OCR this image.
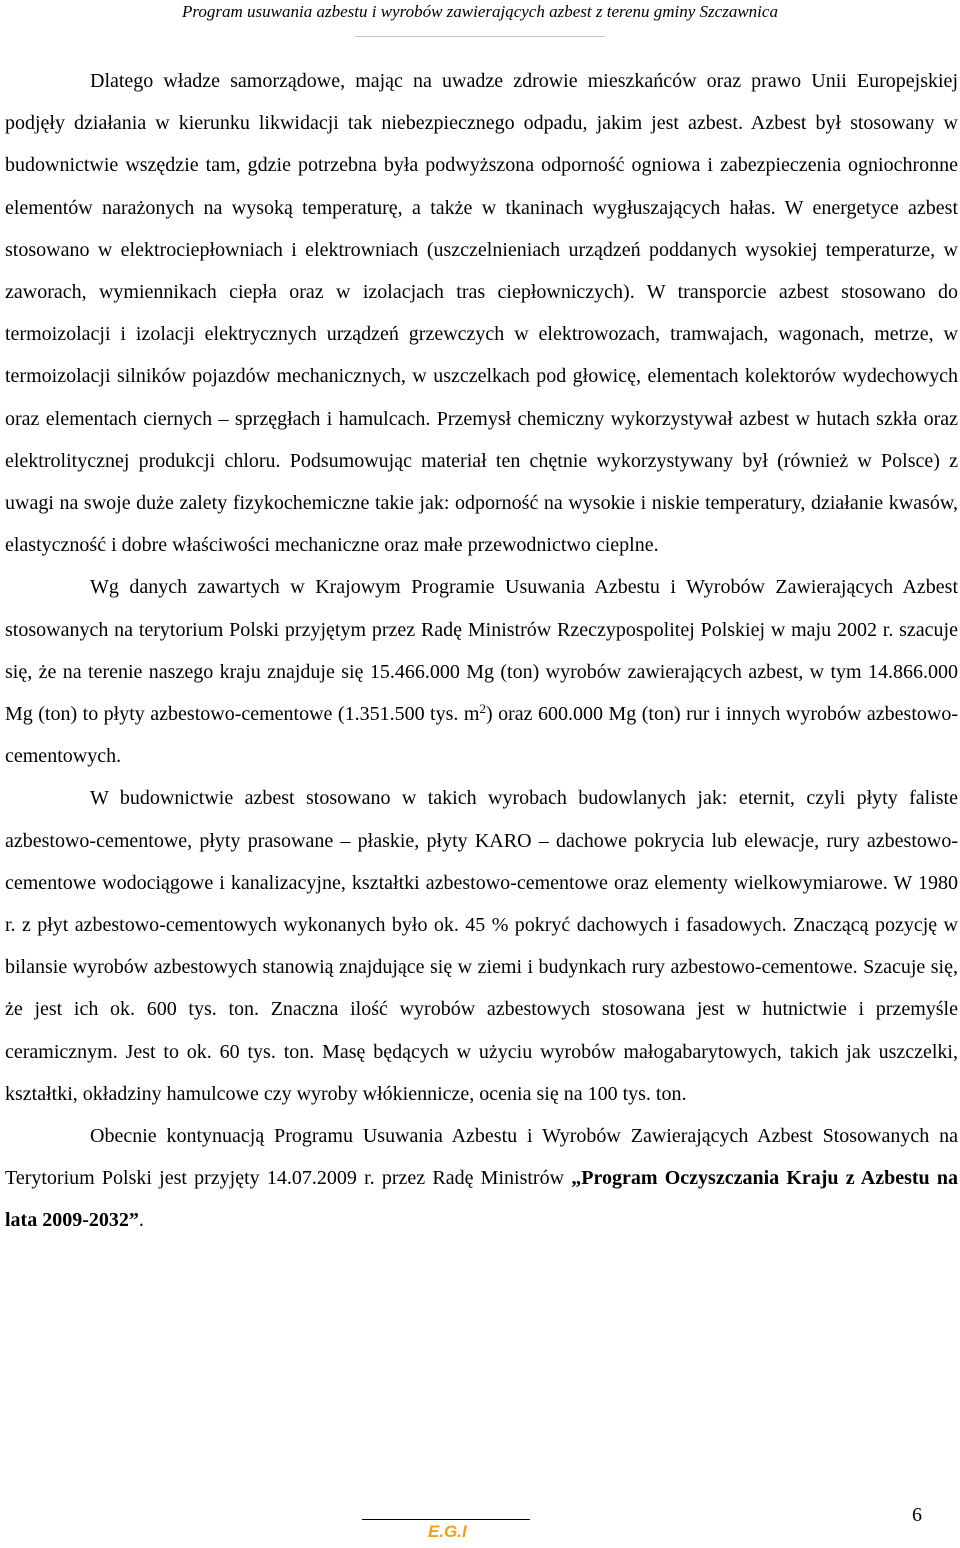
Program usuwania azbestu i wyrobów zawierających azbest z terenu gminy Szczawnica

Dlatego władze samorządowe, mając na uwadze zdrowie mieszkańców oraz prawo Unii Europejskiej podjęły działania w kierunku likwidacji tak niebezpiecznego odpadu, jakim jest azbest. Azbest był stosowany w budownictwie wszędzie tam, gdzie potrzebna była podwyższona odporność ogniowa i zabezpieczenia ogniochronne elementów narażonych na wysoką temperaturę, a także w tkaninach wygłuszających hałas. W energetyce azbest stosowano w elektrociepłowniach i elektrowniach (uszczelnieniach urządzeń poddanych wysokiej temperaturze, w zaworach, wymiennikach ciepła oraz w izolacjach tras ciepłowniczych). W transporcie azbest stosowano do termoizolacji i izolacji elektrycznych urządzeń grzewczych w elektrowozach, tramwajach, wagonach, metrze, w termoizolacji silników pojazdów mechanicznych, w uszczelkach pod głowicę, elementach kolektorów wydechowych oraz elementach ciernych – sprzęgłach i hamulcach. Przemysł chemiczny wykorzystywał azbest w hutach szkła oraz elektrolitycznej produkcji chloru. Podsumowując materiał ten chętnie wykorzystywany był (również w Polsce) z uwagi na swoje duże zalety fizykochemiczne takie jak: odporność na wysokie i niskie temperatury, działanie kwasów, elastyczność i dobre właściwości mechaniczne oraz małe przewodnictwo cieplne.

Wg danych zawartych w Krajowym Programie Usuwania Azbestu i Wyrobów Zawierających Azbest stosowanych na terytorium Polski przyjętym przez Radę Ministrów Rzeczypospolitej Polskiej w maju 2002 r. szacuje się, że na terenie naszego kraju znajduje się 15.466.000 Mg (ton) wyrobów zawierających azbest, w tym 14.866.000 Mg (ton) to płyty azbestowo-cementowe (1.351.500 tys. $m^2$) oraz 600.000 Mg (ton) rur i innych wyrobów azbestowo-cementowych.

W budownictwie azbest stosowano w takich wyrobach budowlanych jak: eternit, czyli płyty faliste azbestowo-cementowe, płyty prasowane – płaskie, płyty KARO – dachowe pokrycia lub elewacje, rury azbestowo-cementowe wodociągowe i kanalizacyjne, kształtki azbestowo-cementowe oraz elementy wielkowymiarowe. W 1980 r. z płyt azbestowo-cementowych wykonanych było ok. 45 % pokryć dachowych i fasadowych. Znaczącą pozycję w bilansie wyrobów azbestowych stanowią znajdujące się w ziemi i budynkach rury azbestowo-cementowe. Szacuje się, że jest ich ok. 600 tys. ton. Znaczna ilość wyrobów azbestowych stosowana jest w hutnictwie i przemyśle ceramicznym. Jest to ok. 60 tys. ton. Masę będących w użyciu wyrobów małogabarytowych, takich jak uszczelki, kształtki, okładziny hamulcowe czy wyroby włókiennicze, ocenia się na 100 tys. ton.

Obecnie kontynuacją Programu Usuwania Azbestu i Wyrobów Zawierających Azbest Stosowanych na Terytorium Polski jest przyjęty 14.07.2009 r. przez Radę Ministrów „Program Oczyszczania Kraju z Azbestu na lata 2009-2032”.

E.G.I
6
